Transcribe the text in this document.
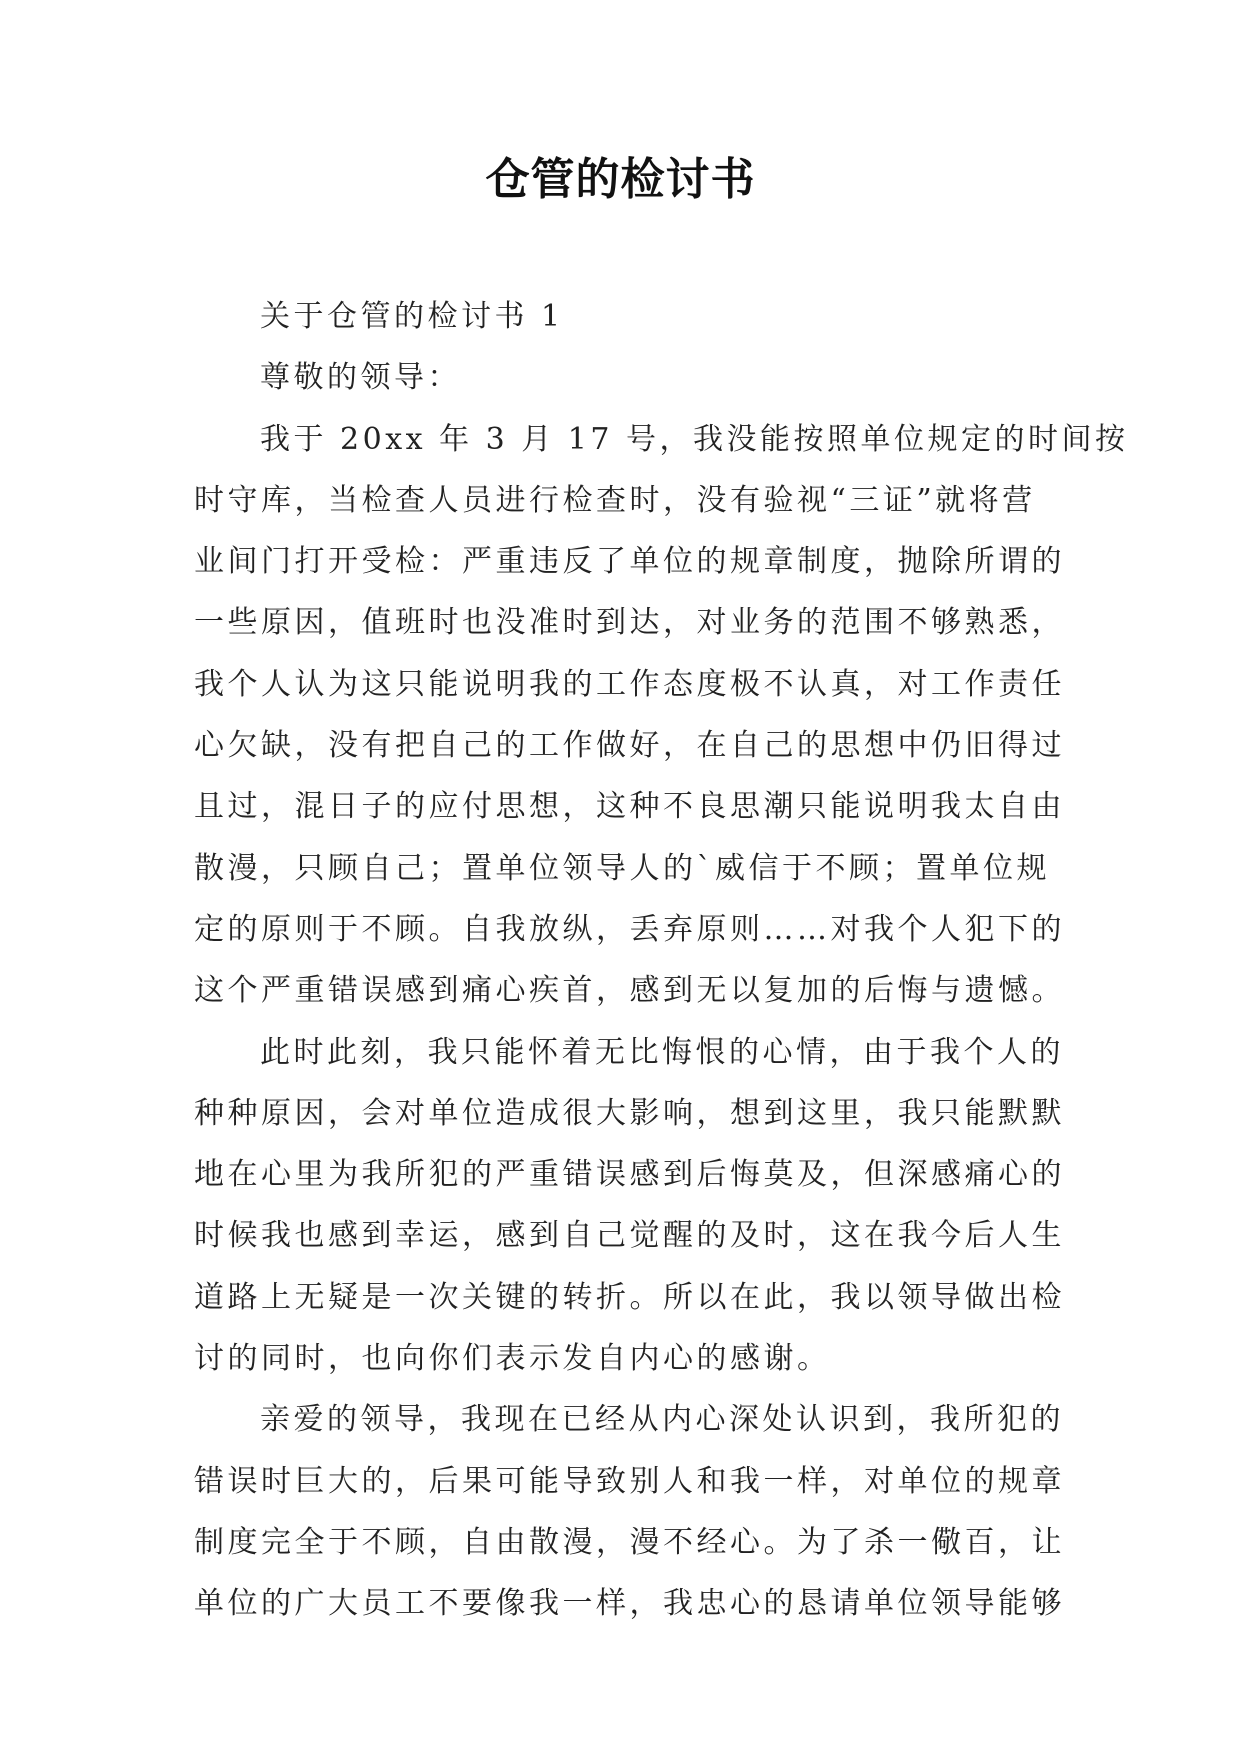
仓管的检讨书
关于仓管的检讨书 1
尊敬的领导：
我于 20xx 年 3 月 17 号，我没能按照单位规定的时间按
时守库，当检查人员进行检查时，没有验视“三证”就将营
业间门打开受检：严重违反了单位的规章制度，抛除所谓的
一些原因，值班时也没准时到达，对业务的范围不够熟悉，
我个人认为这只能说明我的工作态度极不认真，对工作责任
心欠缺，没有把自己的工作做好，在自己的思想中仍旧得过
且过，混日子的应付思想，这种不良思潮只能说明我太自由
散漫，只顾自己；置单位领导人的`威信于不顾；置单位规
定的原则于不顾。自我放纵，丢弃原则……对我个人犯下的
这个严重错误感到痛心疾首，感到无以复加的后悔与遗憾。
此时此刻，我只能怀着无比悔恨的心情，由于我个人的
种种原因，会对单位造成很大影响，想到这里，我只能默默
地在心里为我所犯的严重错误感到后悔莫及，但深感痛心的
时候我也感到幸运，感到自己觉醒的及时，这在我今后人生
道路上无疑是一次关键的转折。所以在此，我以领导做出检
讨的同时，也向你们表示发自内心的感谢。
亲爱的领导，我现在已经从内心深处认识到，我所犯的
错误时巨大的，后果可能导致别人和我一样，对单位的规章
制度完全于不顾，自由散漫，漫不经心。为了杀一儆百，让
单位的广大员工不要像我一样，我忠心的恳请单位领导能够
